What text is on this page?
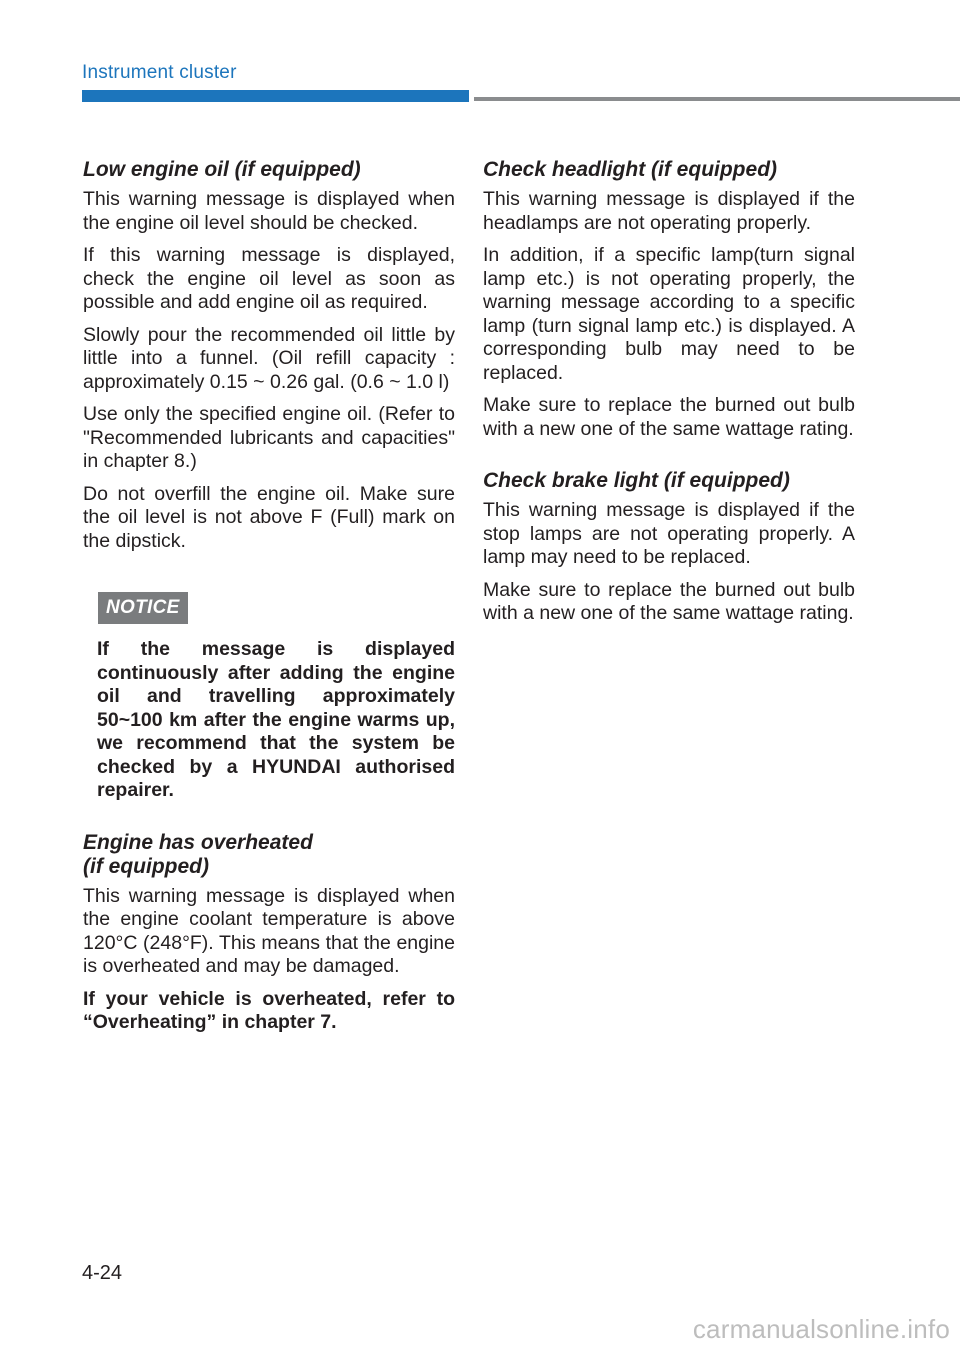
Instrument cluster
Low engine oil (if equipped)

This warning message is displayed when the engine oil level should be checked.

If this warning message is displayed, check the engine oil level as soon as possible and add engine oil as required.

Slowly pour the recommended oil little by little into a funnel. (Oil refill capacity : approximately 0.15 ~ 0.26 gal. (0.6 ~ 1.0 l)

Use only the specified engine oil. (Refer to "Recommended lubricants and capacities" in chapter 8.)

Do not overfill the engine oil. Make sure the oil level is not above F (Full) mark on the dipstick.

NOTICE

If the message is displayed continuously after adding the engine oil and travelling approximately 50~100 km after the engine warms up, we recommend that the system be checked by a HYUNDAI authorised repairer.

Engine has overheated
(if equipped)

This warning message is displayed when the engine coolant temperature is above 120°C (248°F). This means that the engine is overheated and may be damaged.

If your vehicle is overheated, refer to “Overheating” in chapter 7.

Check headlight (if equipped)

This warning message is displayed if the headlamps are not operating properly.

In addition, if a specific lamp(turn signal lamp etc.) is not operating properly, the warning message according to a specific lamp (turn signal lamp etc.) is displayed. A corresponding bulb may need to be replaced.

Make sure to replace the burned out bulb with a new one of the same wattage rating.

Check brake light (if equipped)

This warning message is displayed if the stop lamps are not operating properly. A lamp may need to be replaced.

Make sure to replace the burned out bulb with a new one of the same wattage rating.

4-24
carmanualsonline.info
